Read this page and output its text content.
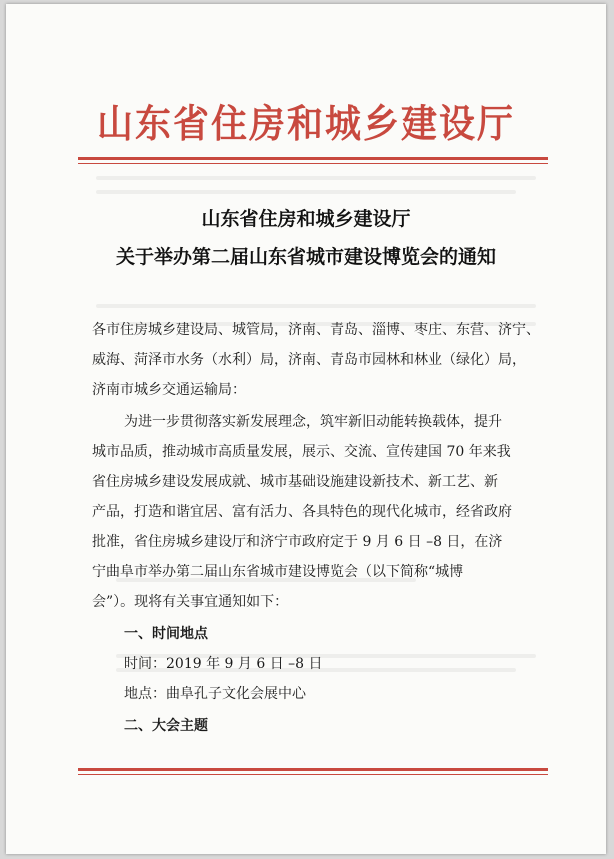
山东省住房和城乡建设厅
山东省住房和城乡建设厅
关于举办第二届山东省城市建设博览会的通知
各市住房城乡建设局、城管局，济南、青岛、淄博、枣庄、东营、济宁、
威海、菏泽市水务（水利）局，济南、青岛市园林和林业（绿化）局，
济南市城乡交通运输局：
为进一步贯彻落实新发展理念，筑牢新旧动能转换载体，提升
城市品质，推动城市高质量发展，展示、交流、宣传建国 70 年来我
省住房城乡建设发展成就、城市基础设施建设新技术、新工艺、新
产品，打造和谐宜居、富有活力、各具特色的现代化城市，经省政府
批准，省住房城乡建设厅和济宁市政府定于 9 月 6 日 –8 日，在济
宁曲阜市举办第二届山东省城市建设博览会（以下简称“城博
会”）。现将有关事宜通知如下：
一、时间地点
时间：2019 年 9 月 6 日 –8 日
地点：曲阜孔子文化会展中心
二、大会主题
